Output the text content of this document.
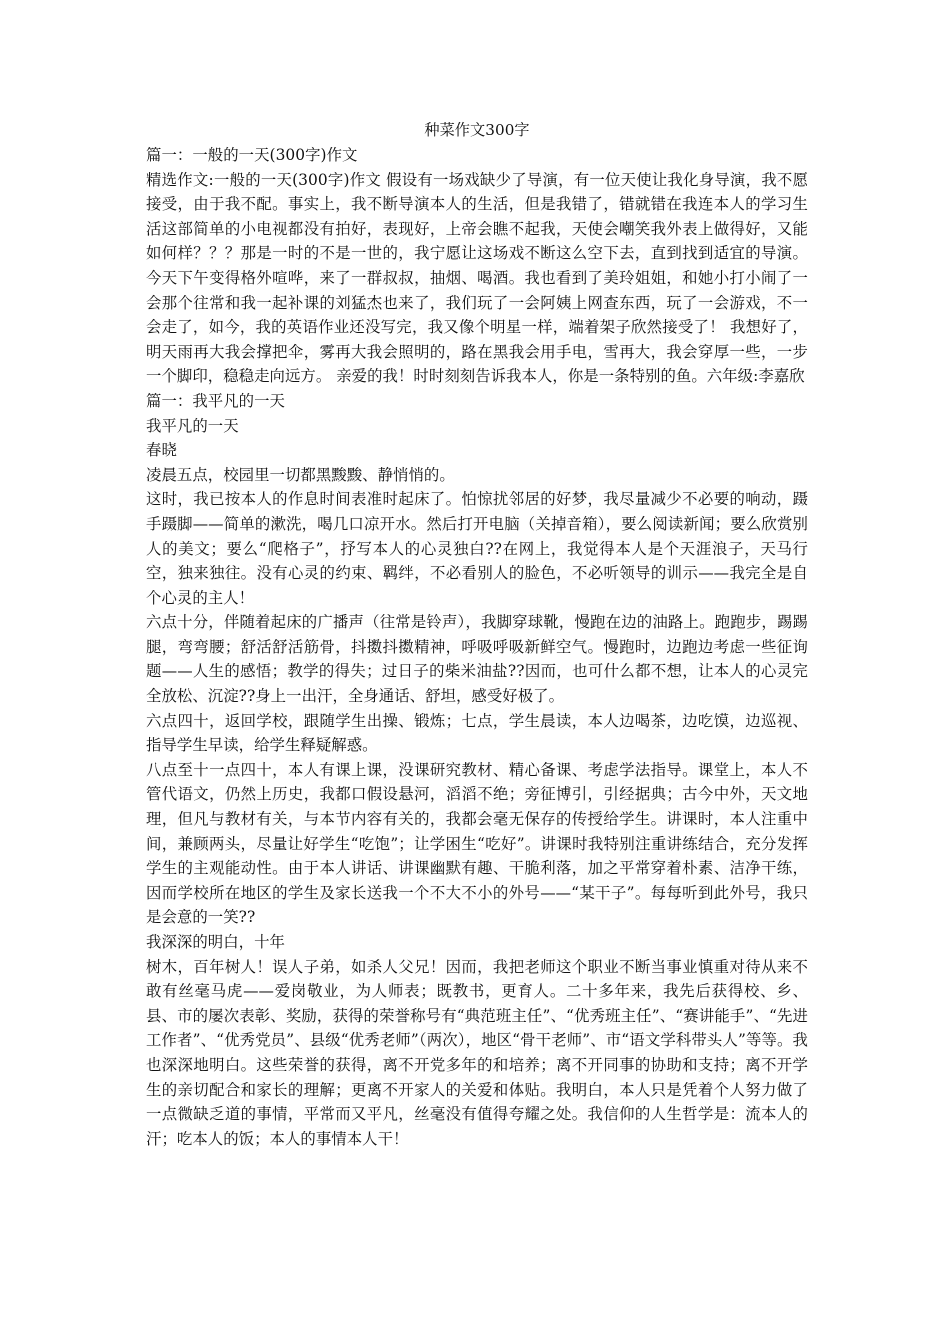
种菜作文300字

篇一：一般的一天(300字)作文

精选作文:一般的一天(300字)作文 假设有一场戏缺少了导演，有一位天使让我化身导演，我不愿接受，由于我不配。事实上，我不断导演本人的生活，但是我错了，错就错在我连本人的学习生活这部简单的小电视都没有拍好，表现好，上帝会瞧不起我，天使会嘲笑我外表上做得好，又能如何样？？？那是一时的不是一世的，我宁愿让这场戏不断这么空下去，直到找到适宜的导演。 今天下午变得格外喧哗，来了一群叔叔，抽烟、喝酒。我也看到了美玲姐姐，和她小打小闹了一会那个往常和我一起补课的刘猛杰也来了，我们玩了一会阿姨上网查东西，玩了一会游戏，不一会走了，如今，我的英语作业还没写完，我又像个明星一样，端着架子欣然接受了！ 我想好了，明天雨再大我会撑把伞，雾再大我会照明的，路在黑我会用手电，雪再大，我会穿厚一些，一步一个脚印，稳稳走向远方。 亲爱的我！时时刻刻告诉我本人，你是一条特别的鱼。六年级:李嘉欣

篇一：我平凡的一天

我平凡的一天

春晓

凌晨五点，校园里一切都黑黢黢、静悄悄的。

这时，我已按本人的作息时间表准时起床了。怕惊扰邻居的好梦，我尽量减少不必要的响动，蹑手蹑脚——简单的漱洗，喝几口凉开水。然后打开电脑（关掉音箱），要么阅读新闻；要么欣赏别人的美文；要么“爬格子”，抒写本人的心灵独白??在网上，我觉得本人是个天涯浪子，天马行空，独来独往。没有心灵的约束、羁绊，不必看别人的脸色，不必听领导的训示——我完全是自个心灵的主人！

六点十分，伴随着起床的广播声（往常是铃声），我脚穿球靴，慢跑在边的油路上。跑跑步，踢踢腿，弯弯腰；舒活舒活筋骨，抖擞抖擞精神，呼吸呼吸新鲜空气。慢跑时，边跑边考虑一些征询题——人生的感悟；教学的得失；过日子的柴米油盐??因而，也可什么都不想，让本人的心灵完全放松、沉淀??身上一出汗，全身通话、舒坦，感受好极了。

六点四十，返回学校，跟随学生出操、锻炼；七点，学生晨读，本人边喝茶，边吃馍，边巡视、指导学生早读，给学生释疑解惑。

八点至十一点四十，本人有课上课，没课研究教材、精心备课、考虑学法指导。课堂上，本人不管代语文，仍然上历史，我都口假设悬河，滔滔不绝；旁征博引，引经据典；古今中外，天文地理，但凡与教材有关，与本节内容有关的，我都会毫无保存的传授给学生。讲课时，本人注重中间，兼顾两头，尽量让好学生“吃饱”；让学困生“吃好”。讲课时我特别注重讲练结合，充分发挥学生的主观能动性。由于本人讲话、讲课幽默有趣、干脆利落，加之平常穿着朴素、洁净干练，因而学校所在地区的学生及家长送我一个不大不小的外号——“某干子”。每每听到此外号，我只是会意的一笑??

我深深的明白，十年

树木，百年树人！误人子弟，如杀人父兄！因而，我把老师这个职业不断当事业慎重对待从来不敢有丝毫马虎——爱岗敬业，为人师表；既教书，更育人。二十多年来，我先后获得校、乡、县、市的屡次表彰、奖励，获得的荣誉称号有“典范班主任”、“优秀班主任”、“赛讲能手”、“先进工作者”、“优秀党员”、县级“优秀老师”（两次），地区“骨干老师”、市“语文学科带头人”等等。我也深深地明白。这些荣誉的获得，离不开党多年的和培养；离不开同事的协助和支持；离不开学生的亲切配合和家长的理解；更离不开家人的关爱和体贴。我明白，本人只是凭着个人努力做了一点微缺乏道的事情，平常而又平凡，丝毫没有值得夸耀之处。我信仰的人生哲学是：流本人的汗；吃本人的饭；本人的事情本人干！
